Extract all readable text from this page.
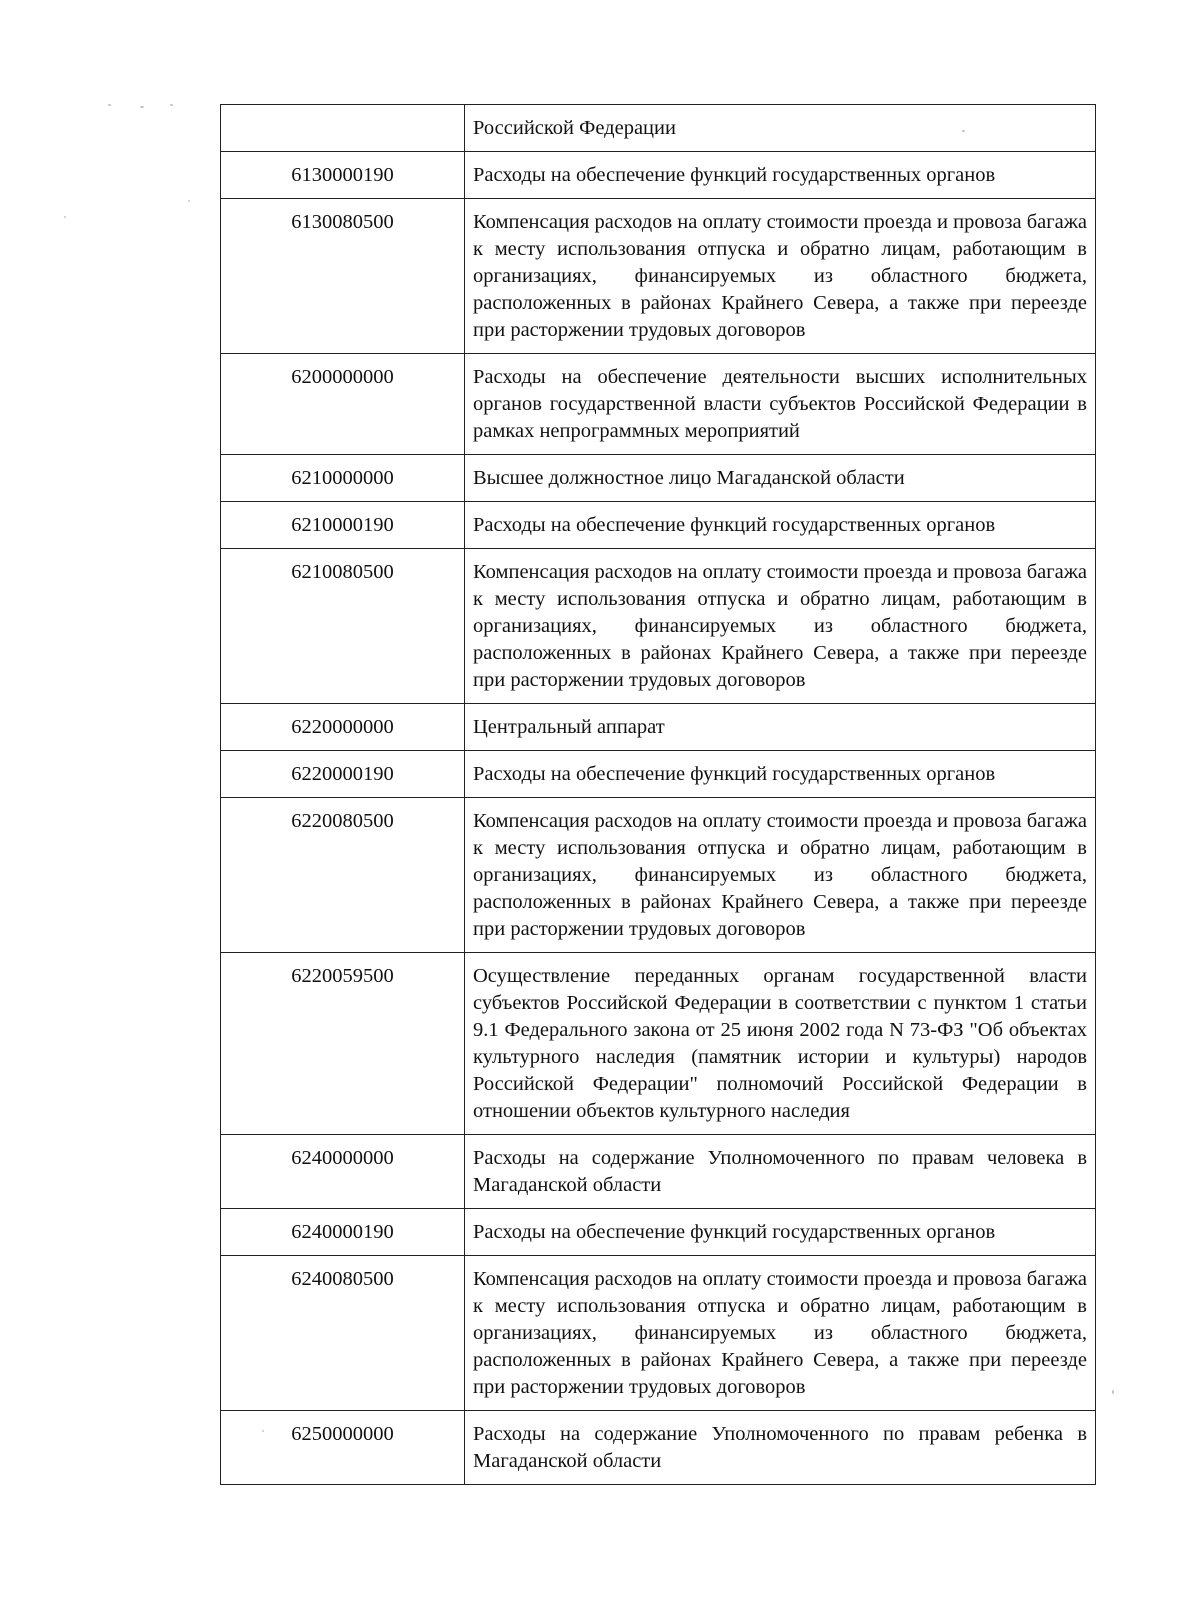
	Российской Федерации
6130000190	Расходы на обеспечение функций государственных органов
6130080500	Компенсация расходов на оплату стоимости проезда и провоза багажа к месту использования отпуска и обратно лицам, работающим в организациях, финансируемых из областного бюджета, расположенных в районах Крайнего Севера, а также при переезде при расторжении трудовых договоров
6200000000	Расходы на обеспечение деятельности высших исполнительных органов государственной власти субъектов Российской Федерации в рамках непрограммных мероприятий
6210000000	Высшее должностное лицо Магаданской области
6210000190	Расходы на обеспечение функций государственных органов
6210080500	Компенсация расходов на оплату стоимости проезда и провоза багажа к месту использования отпуска и обратно лицам, работающим в организациях, финансируемых из областного бюджета, расположенных в районах Крайнего Севера, а также при переезде при расторжении трудовых договоров
6220000000	Центральный аппарат
6220000190	Расходы на обеспечение функций государственных органов
6220080500	Компенсация расходов на оплату стоимости проезда и провоза багажа к месту использования отпуска и обратно лицам, работающим в организациях, финансируемых из областного бюджета, расположенных в районах Крайнего Севера, а также при переезде при расторжении трудовых договоров
6220059500	Осуществление переданных органам государственной власти субъектов Российской Федерации в соответствии с пунктом 1 статьи 9.1 Федерального закона от 25 июня 2002 года N 73-ФЗ "Об объектах культурного наследия (памятник истории и культуры) народов Российской Федерации" полномочий Российской Федерации в отношении объектов культурного наследия
6240000000	Расходы на содержание Уполномоченного по правам человека в Магаданской области
6240000190	Расходы на обеспечение функций государственных органов
6240080500	Компенсация расходов на оплату стоимости проезда и провоза багажа к месту использования отпуска и обратно лицам, работающим в организациях, финансируемых из областного бюджета, расположенных в районах Крайнего Севера, а также при переезде при расторжении трудовых договоров
6250000000	Расходы на содержание Уполномоченного по правам ребенка в Магаданской области
